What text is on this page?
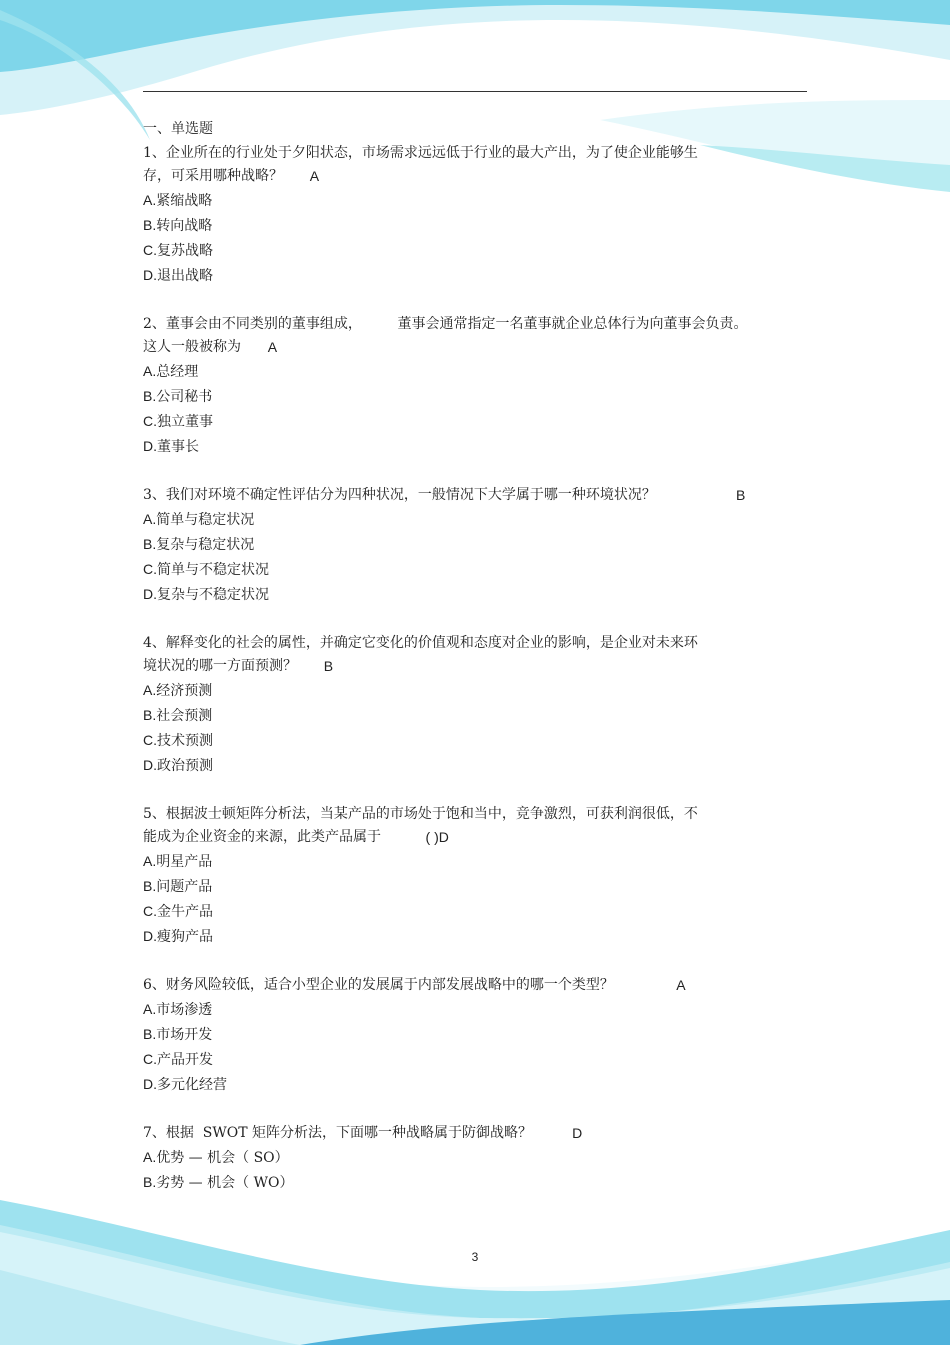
一、单选题
1、企业所在的行业处于夕阳状态，市场需求远远低于行业的最大产出，为了使企业能够生
存，可采用哪种战略？
A
A.紧缩战略
B.转向战略
C.复苏战略
D.退出战略
2、董事会由不同类别的董事组成，        董事会通常指定一名董事就企业总体行为向董事会负责。
这人一般被称为
A
A.总经理
B.公司秘书
C.独立董事
D.董事长
3、我们对环境不确定性评估分为四种状况，一般情况下大学属于哪一种环境状况？
	B
A.简单与稳定状况
B.复杂与稳定状况
C.简单与不稳定状况
D.复杂与不稳定状况
4、解释变化的社会的属性，并确定它变化的价值观和态度对企业的影响，是企业对未来环
境状况的哪一方面预测？
B
A.经济预测
B.社会预测
C.技术预测
D.政治预测
5、根据波士顿矩阵分析法，当某产品的市场处于饱和当中，竞争激烈，可获利润很低，不
能成为企业资金的来源，此类产品属于
	( )D
A.明星产品
B.问题产品
C.金牛产品
D.瘦狗产品
6、财务风险较低，适合小型企业的发展属于内部发展战略中的哪一个类型？
	A
A.市场渗透
B.市场开发
C.产品开发
D.多元化经营
7、根据  SWOT 矩阵分析法，下面哪一种战略属于防御战略？
	D
A.优势 — 机会（ SO）
B.劣势 — 机会（ WO）
3
